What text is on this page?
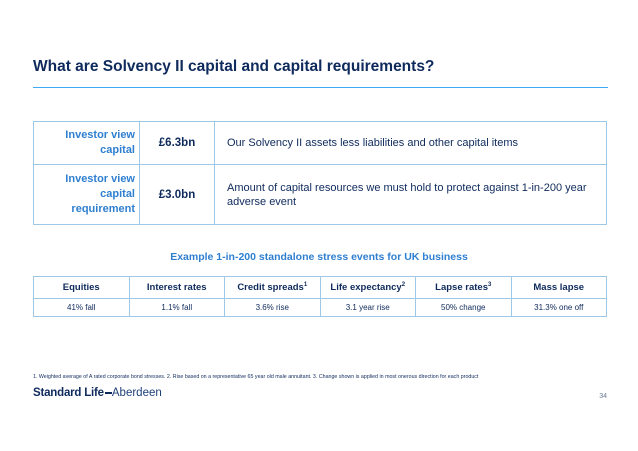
What are Solvency II capital and capital requirements?
Investor view capital	£6.3bn	Our Solvency II assets less liabilities and other capital items
Investor view capital requirement	£3.0bn	Amount of capital resources we must hold to protect against 1-in-200 year adverse event
Example 1-in-200 standalone stress events for UK business
Equities	Interest rates	Credit spreads$^1$	Life expectancy$^2$	Lapse rates$^3$	Mass lapse
41% fall	1.1% fall	3.6% rise	3.1 year rise	50% change	31.3% one off
1. Weighted average of A rated corporate bond stresses. 2. Rise based on a representative 65 year old male annuitant. 3. Change shown is applied in most onerous direction for each product
Standard Life Aberdeen	34
